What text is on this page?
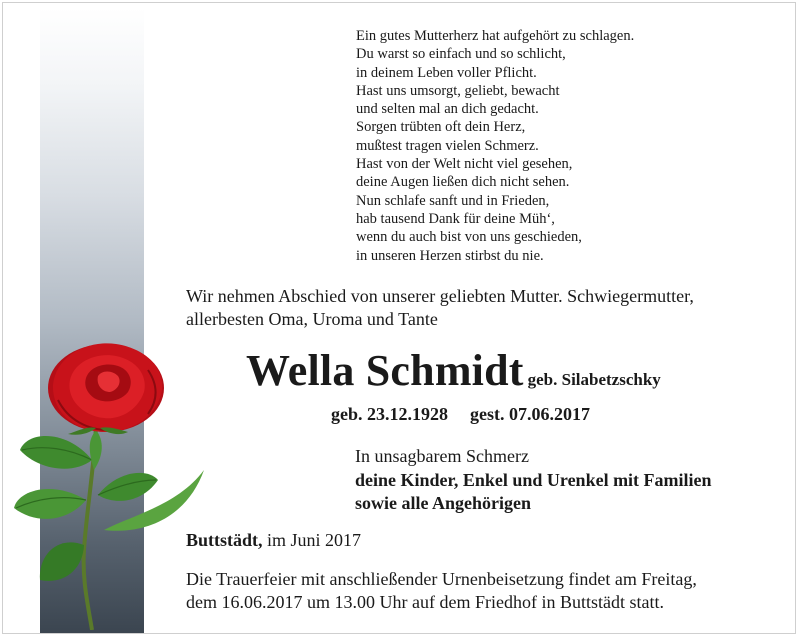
Ein gutes Mutterherz hat aufgehört zu schlagen.
Du warst so einfach und so schlicht,
in deinem Leben voller Pflicht.
Hast uns umsorgt, geliebt, bewacht
und selten mal an dich gedacht.
Sorgen trübten oft dein Herz,
mußtest tragen vielen Schmerz.
Hast von der Welt nicht viel gesehen,
deine Augen ließen dich nicht sehen.
Nun schlafe sanft und in Frieden,
hab tausend Dank für deine Müh‘,
wenn du auch bist von uns geschieden,
in unseren Herzen stirbst du nie.
Wir nehmen Abschied von unserer geliebten Mutter. Schwiegermutter,
allerbesten Oma, Uroma und Tante
Wella Schmidt geb. Silabetzschky
geb. 23.12.1928 gest. 07.06.2017
In unsagbarem Schmerz
deine Kinder, Enkel und Urenkel mit Familien
sowie alle Angehörigen
Buttstädt, im Juni 2017
Die Trauerfeier mit anschließender Urnenbeisetzung findet am Freitag,
dem 16.06.2017 um 13.00 Uhr auf dem Friedhof in Buttstädt statt.
